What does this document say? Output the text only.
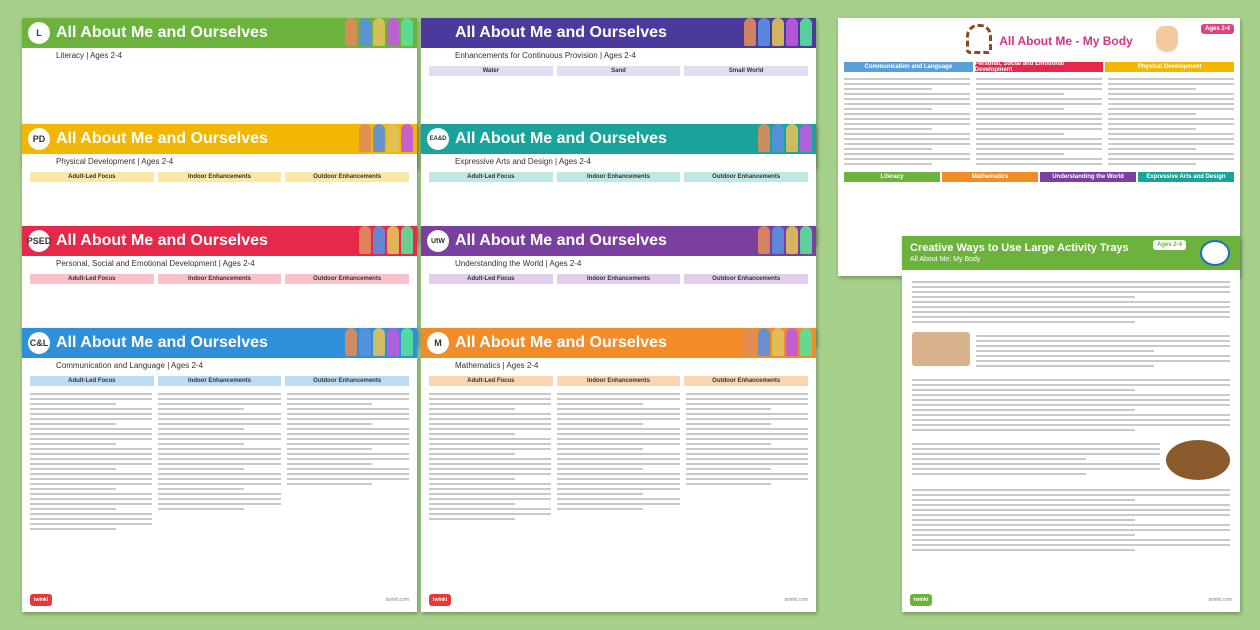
L All About Me and Ourselves
Literacy | Ages 2-4
PD All About Me and Ourselves
Physical Development | Ages 2-4
Adult-Led Focus	Indoor Enhancements	Outdoor Enhancements
PSED All About Me and Ourselves
Personal, Social and Emotional Development | Ages 2-4
Adult-Led Focus	Indoor Enhancements	Outdoor Enhancements
C&L All About Me and Ourselves
Communication and Language | Ages 2-4
Adult-Led Focus	Indoor Enhancements	Outdoor Enhancements
twinkl	twinkl.com
All About Me and Ourselves
Enhancements for Continuous Provision | Ages 2-4
Water	Sand	Small World
EA&D All About Me and Ourselves
Expressive Arts and Design | Ages 2-4
Adult-Led Focus	Indoor Enhancements	Outdoor Enhancements
UtW All About Me and Ourselves
Understanding the World | Ages 2-4
Adult-Led Focus	Indoor Enhancements	Outdoor Enhancements
M All About Me and Ourselves
Mathematics | Ages 2-4
Adult-Led Focus	Indoor Enhancements	Outdoor Enhancements
twinkl	twinkl.com
All About Me - My Body
Ages 2-4
Communication and Language	Personal, Social and Emotional Development	Physical Development
Literacy	Mathematics	Understanding the World	Expressive Arts and Design
Creative Ways to Use Large Activity Trays
All About Me: My Body
Ages 2-4
twinkl	twinkl.com
